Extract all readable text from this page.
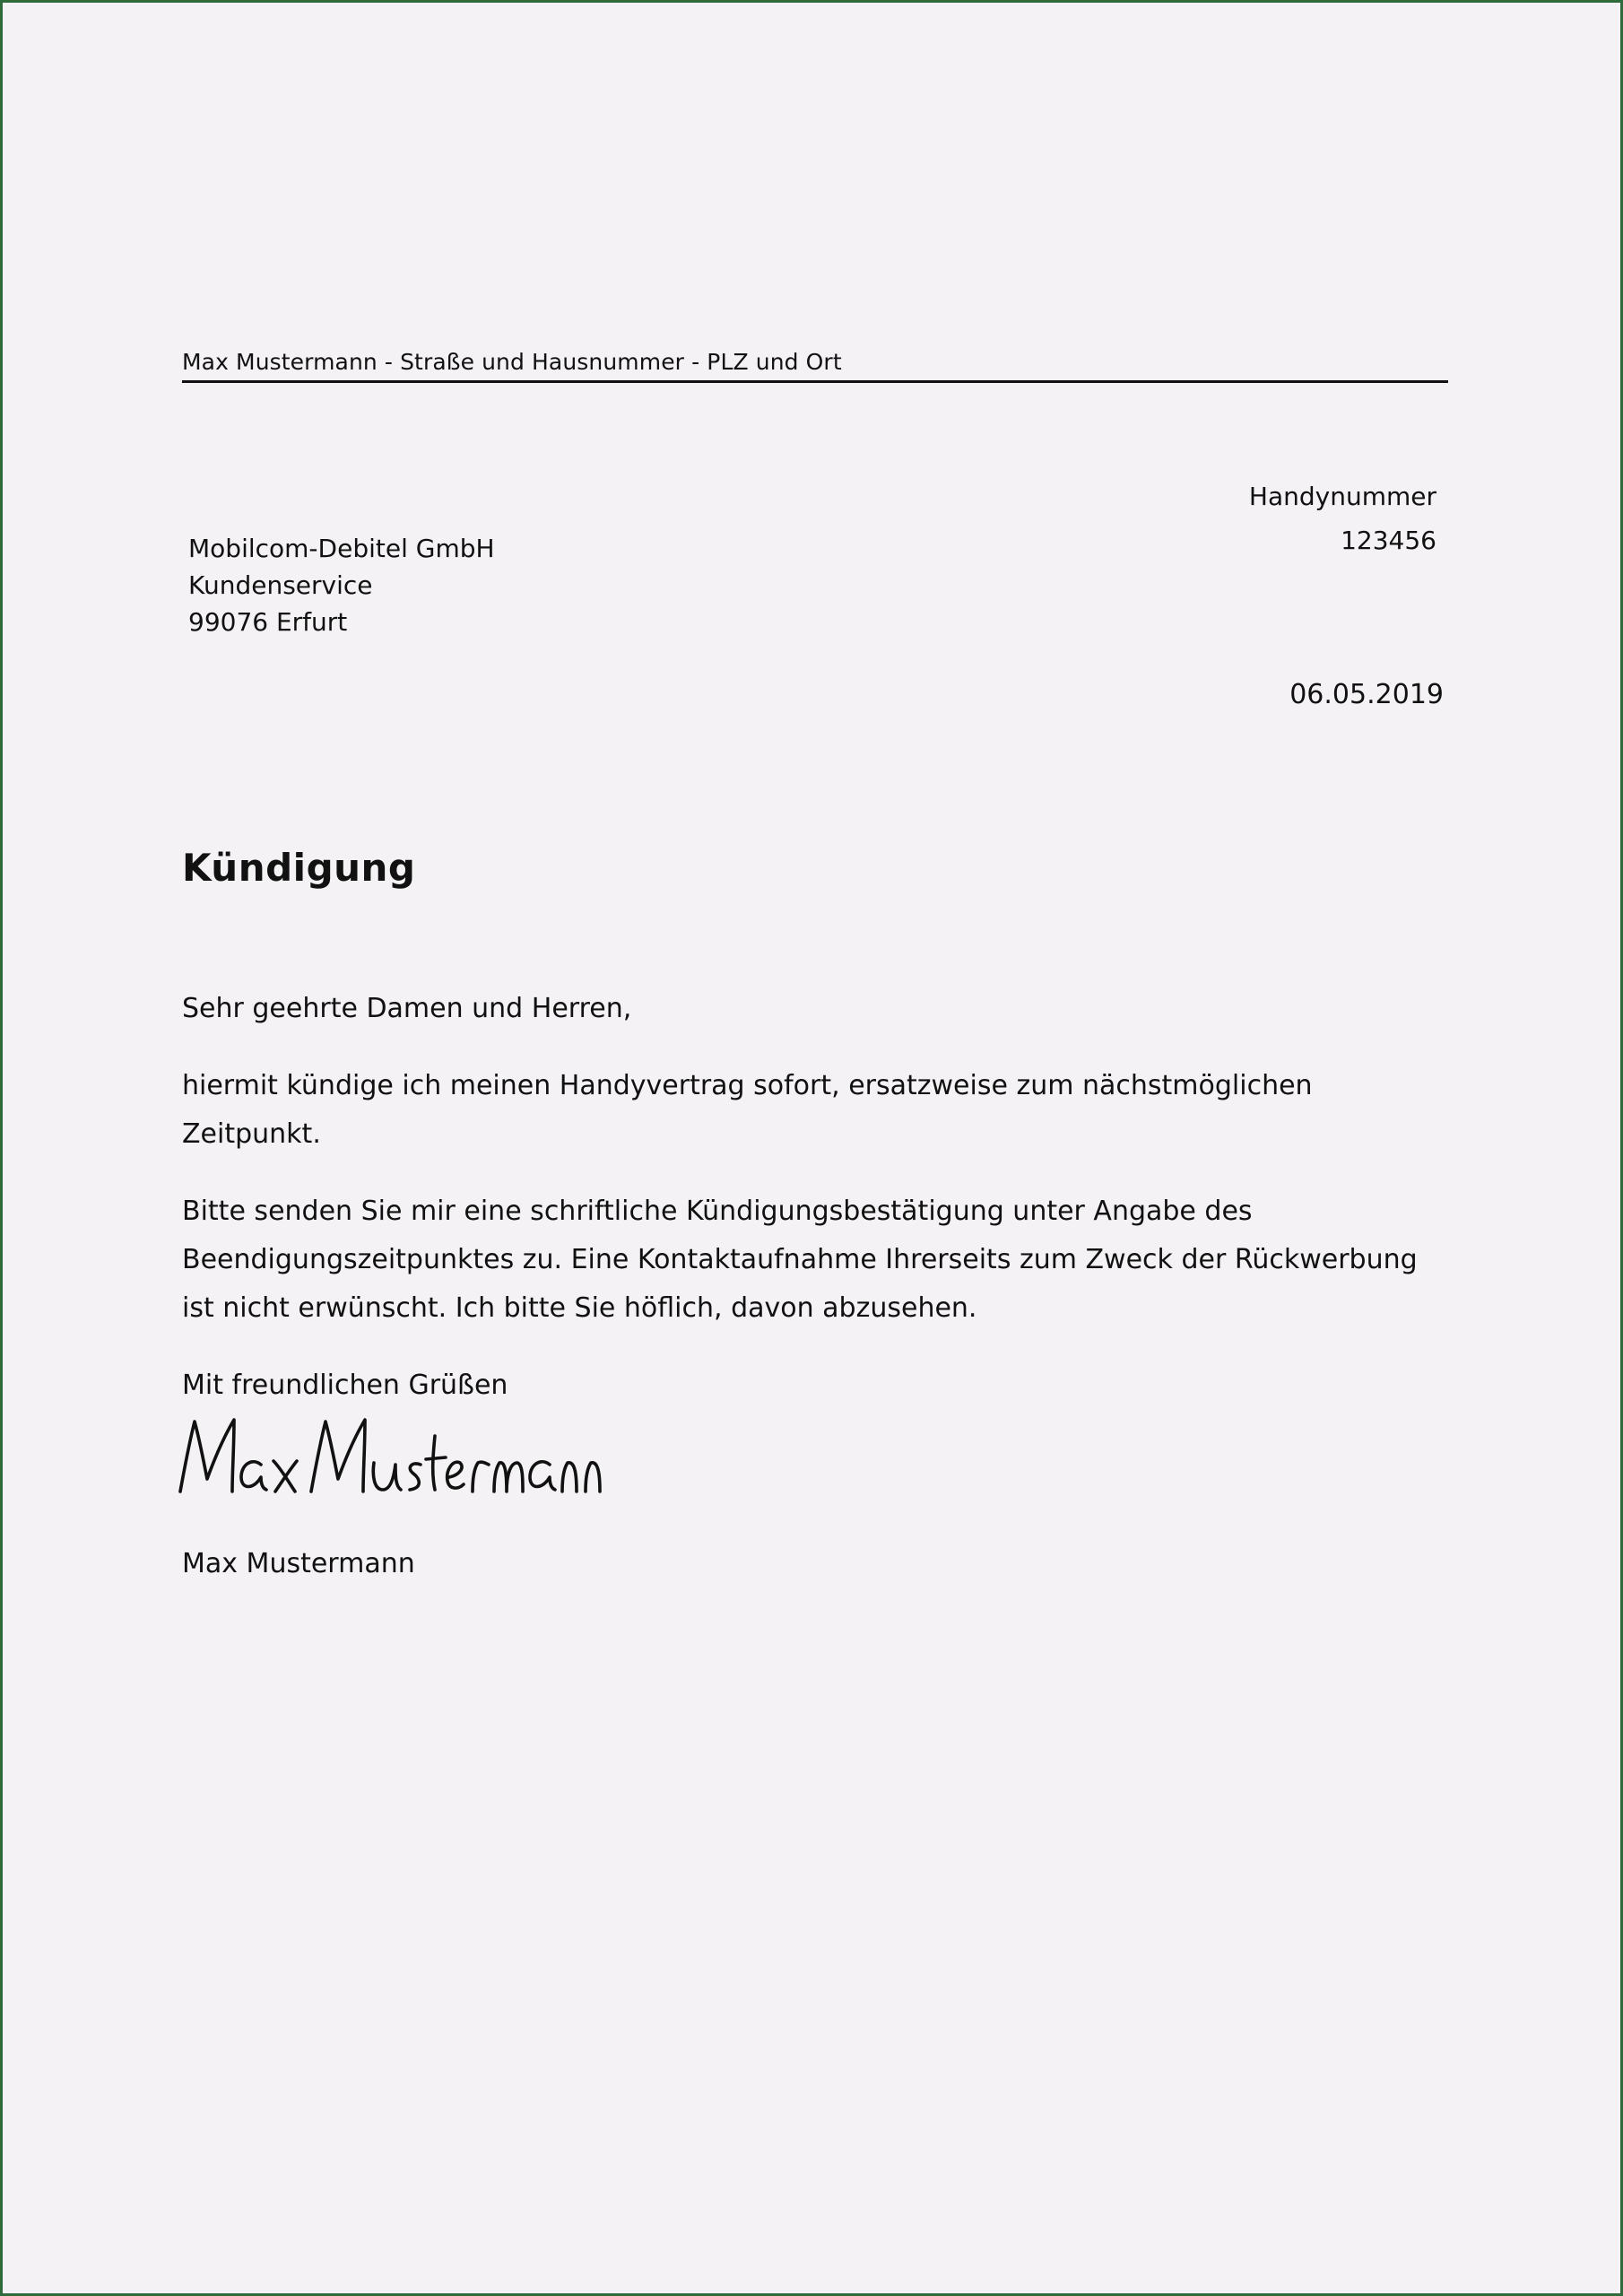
Max Mustermann - Straße und Hausnummer - PLZ und Ort
Mobilcom-Debitel GmbH
Kundenservice
99076 Erfurt
Handynummer
123456
06.05.2019
Kündigung

Sehr geehrte Damen und Herren,

hiermit kündige ich meinen Handyvertrag sofort, ersatzweise zum nächstmöglichen Zeitpunkt.

Bitte senden Sie mir eine schriftliche Kündigungsbestätigung unter Angabe des Beendigungszeitpunktes zu. Eine Kontaktaufnahme Ihrerseits zum Zweck der Rückwerbung ist nicht erwünscht. Ich bitte Sie höflich, davon abzusehen.

Mit freundlichen Grüßen

Max Mustermann
